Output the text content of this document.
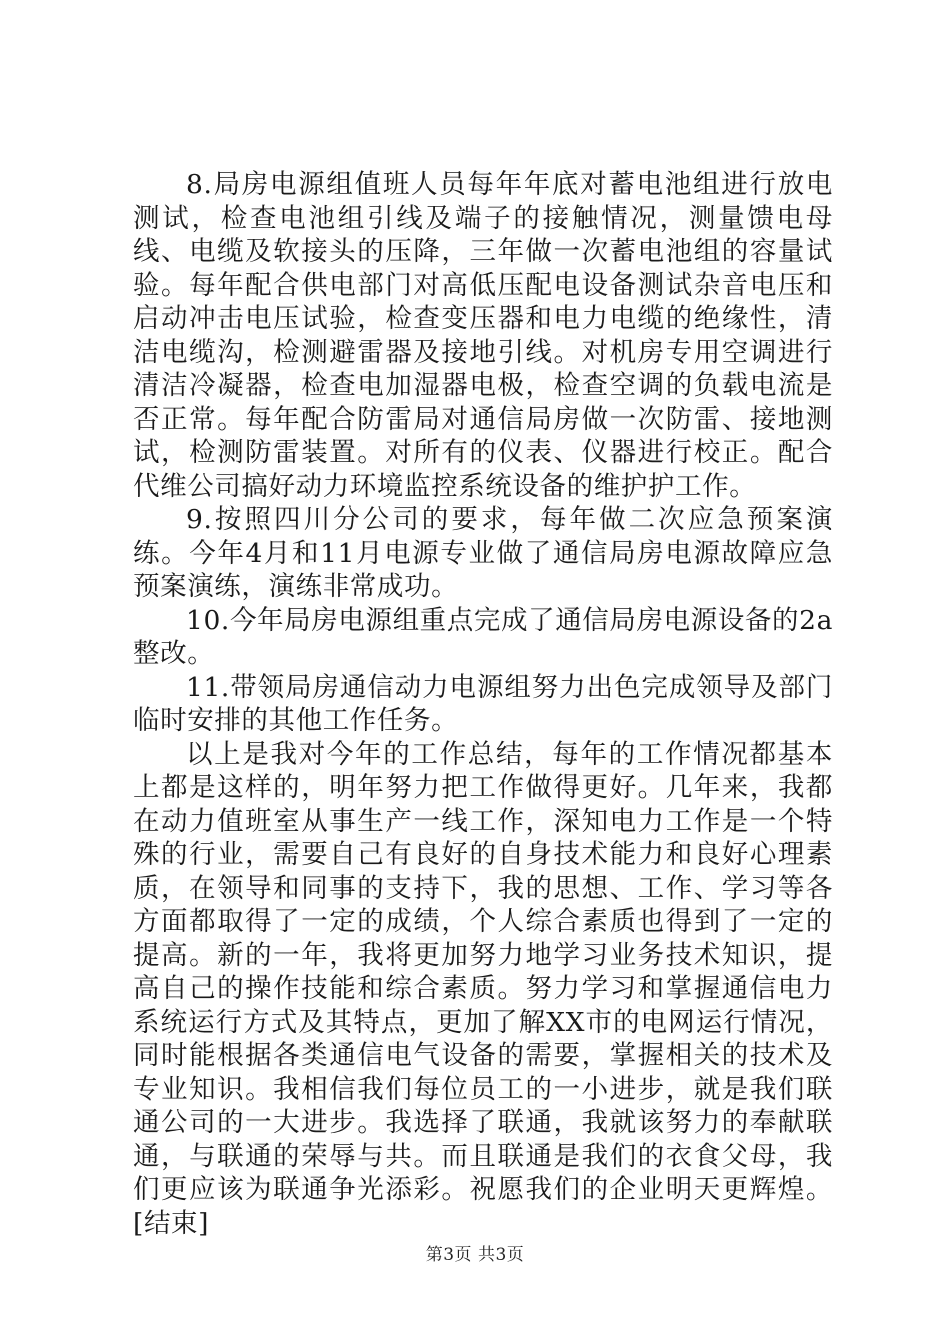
8.局房电源组值班人员每年年底对蓄电池组进行放电测试，检查电池组引线及端子的接触情况，测量馈电母线、电缆及软接头的压降，三年做一次蓄电池组的容量试验。每年配合供电部门对高低压配电设备测试杂音电压和启动冲击电压试验，检查变压器和电力电缆的绝缘性，清洁电缆沟，检测避雷器及接地引线。对机房专用空调进行清洁冷凝器，检查电加湿器电极，检查空调的负载电流是否正常。每年配合防雷局对通信局房做一次防雷、接地测试，检测防雷装置。对所有的仪表、仪器进行校正。配合代维公司搞好动力环境监控系统设备的维护护工作。

9.按照四川分公司的要求，每年做二次应急预案演练。今年4月和11月电源专业做了通信局房电源故障应急预案演练，演练非常成功。

10.今年局房电源组重点完成了通信局房电源设备的2a整改。

11.带领局房通信动力电源组努力出色完成领导及部门临时安排的其他工作任务。

以上是我对今年的工作总结，每年的工作情况都基本上都是这样的，明年努力把工作做得更好。几年来，我都在动力值班室从事生产一线工作，深知电力工作是一个特殊的行业，需要自己有良好的自身技术能力和良好心理素质，在领导和同事的支持下，我的思想、工作、学习等各方面都取得了一定的成绩，个人综合素质也得到了一定的提高。新的一年，我将更加努力地学习业务技术知识，提高自己的操作技能和综合素质。努力学习和掌握通信电力系统运行方式及其特点，更加了解XX市的电网运行情况，同时能根据各类通信电气设备的需要，掌握相关的技术及专业知识。我相信我们每位员工的一小进步，就是我们联通公司的一大进步。我选择了联通，我就该努力的奉献联通，与联通的荣辱与共。而且联通是我们的衣食父母，我们更应该为联通争光添彩。祝愿我们的企业明天更辉煌。[结束]

第3页 共3页
